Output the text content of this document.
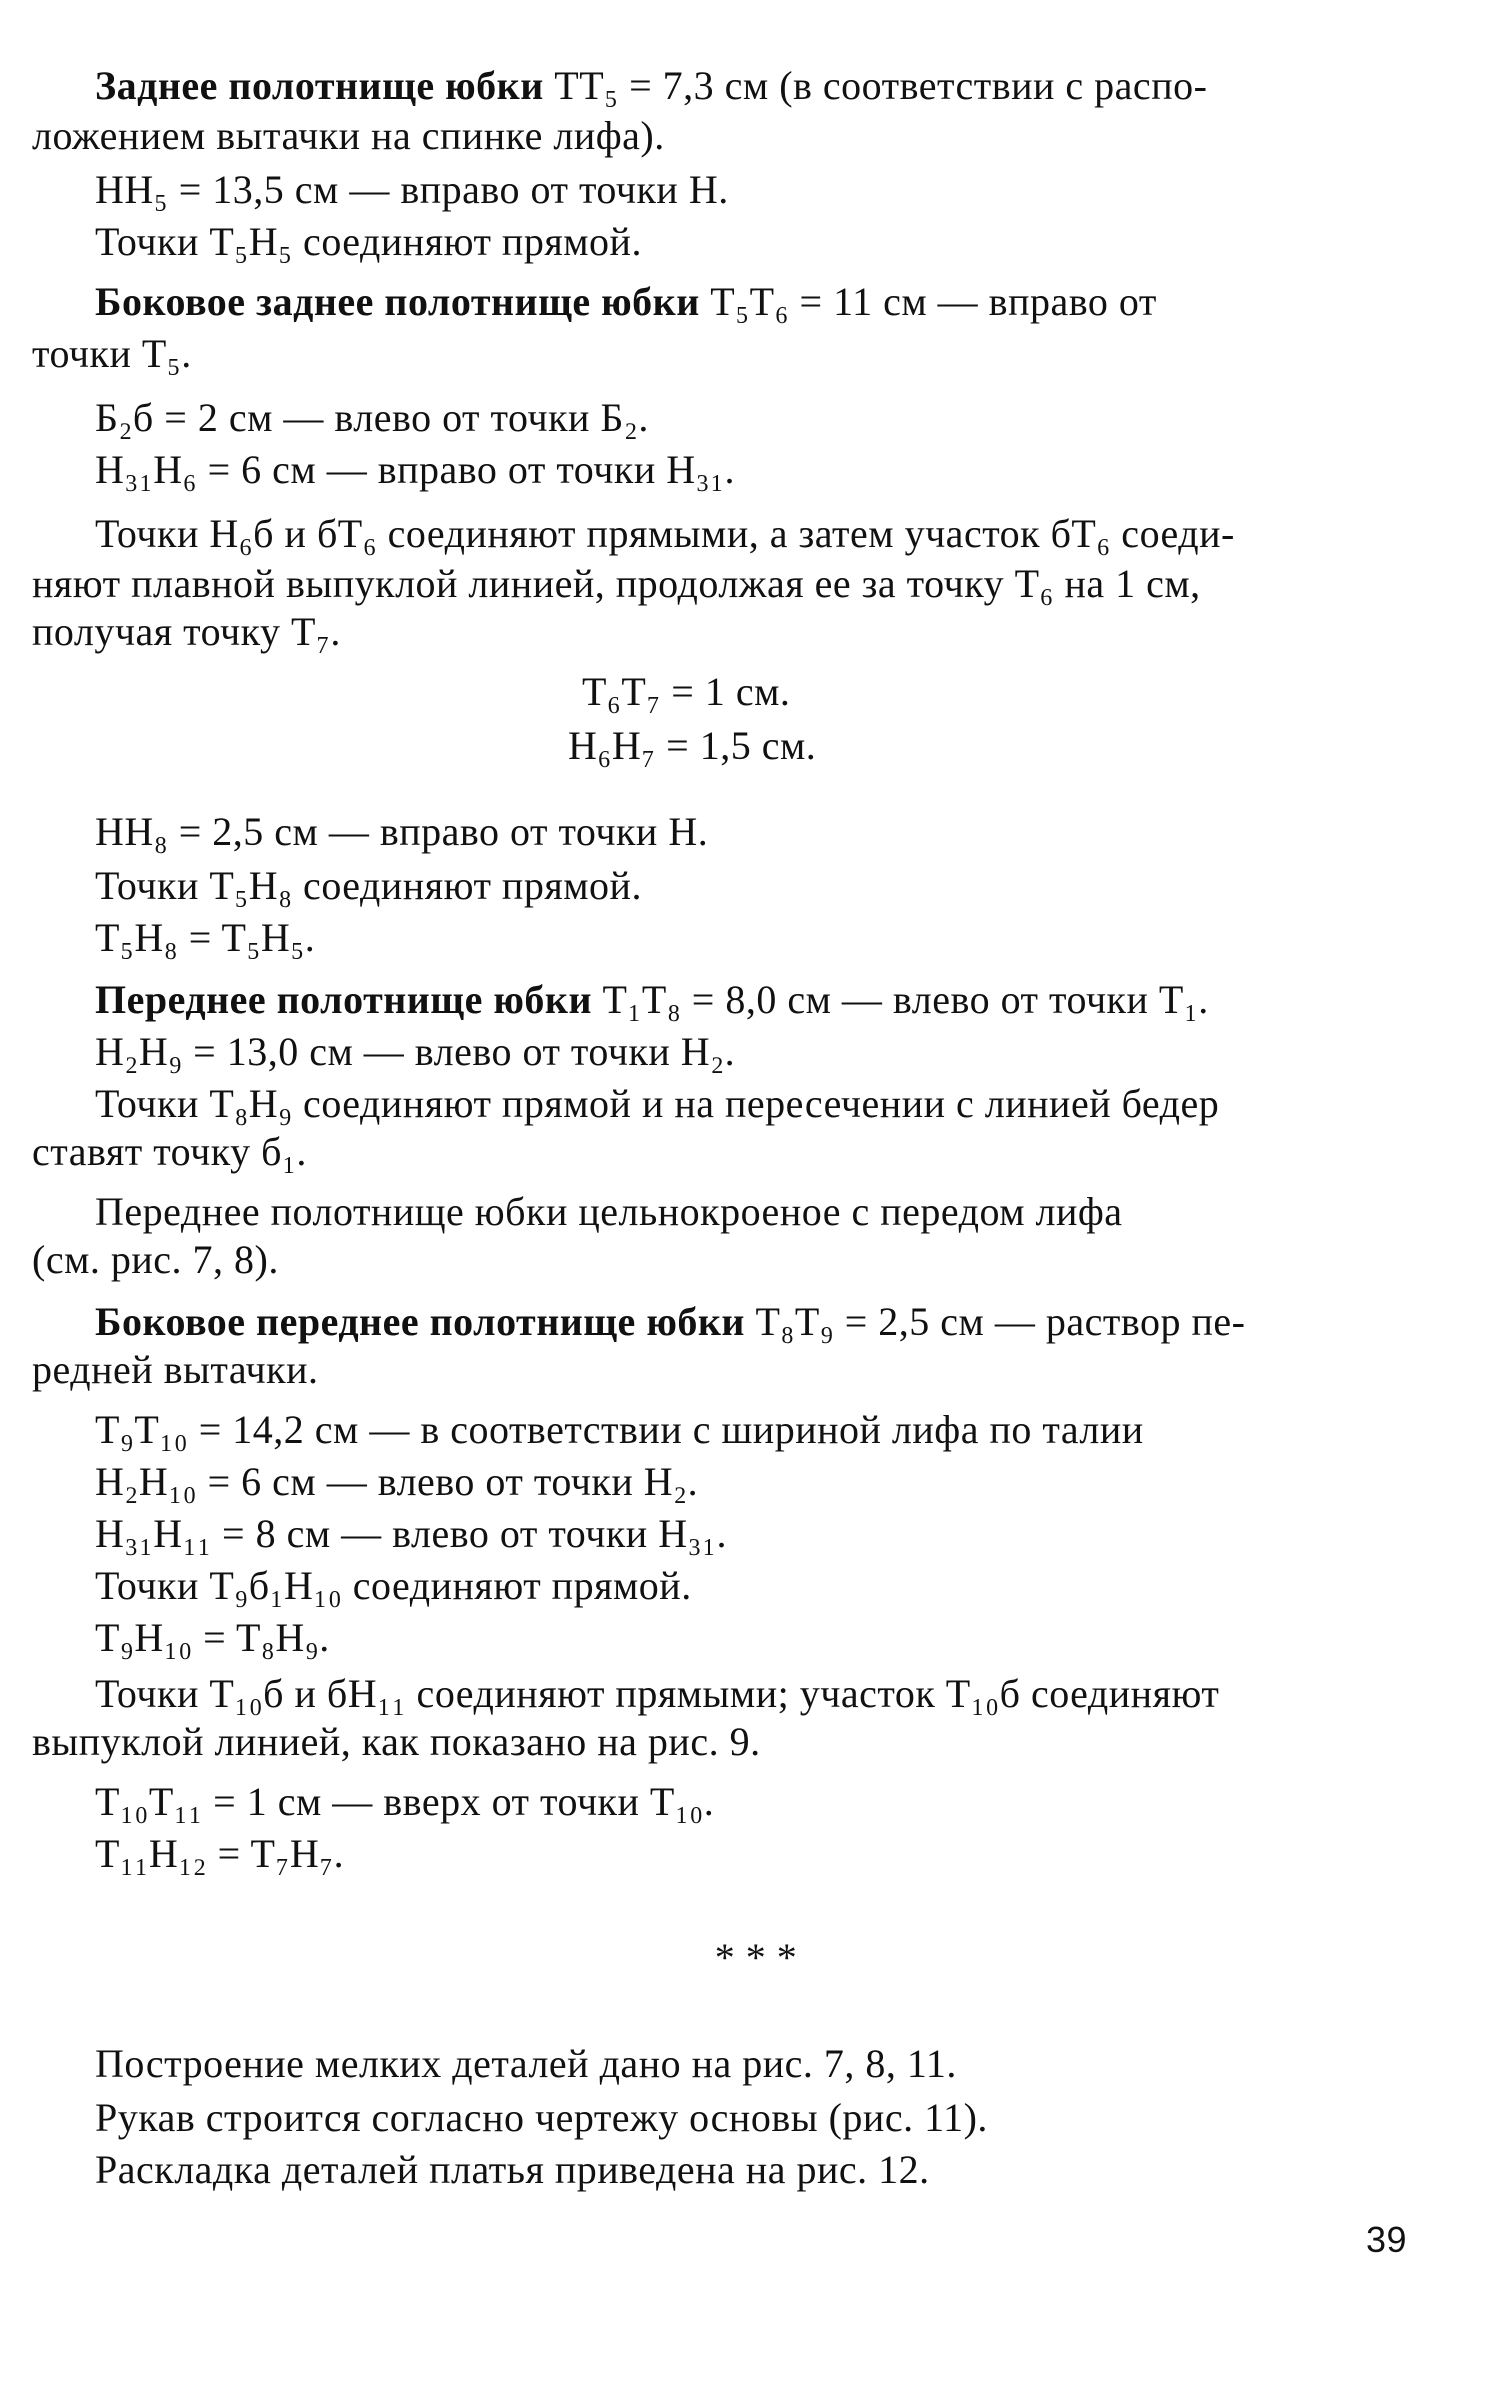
Заднее полотнище юбки TT₅ = 7,3 см (в соответствии с распо-
ложением вытачки на спинке лифа).
HH₅ = 13,5 см — вправо от точки H.
Точки T₅H₅ соединяют прямой.
Боковое заднее полотнище юбки T₅T₆ = 11 см — вправо от
точки T₅.
Б₂б = 2 см — влево от точки Б₂.
H₃₁H₆ = 6 см — вправо от точки H₃₁.
Точки H₆б и бT₆ соединяют прямыми, а затем участок бT₆ соеди-
няют плавной выпуклой линией, продолжая ее за точку T₆ на 1 см,
получая точку T₇.
T₆T₇ = 1 см.
H₆H₇ = 1,5 см.
HH₈ = 2,5 см — вправо от точки H.
Точки T₅H₈ соединяют прямой.
T₅H₈ = T₅H₅.
Переднее полотнище юбки T₁T₈ = 8,0 см — влево от точки T₁.
H₂H₉ = 13,0 см — влево от точки H₂.
Точки T₈H₉ соединяют прямой и на пересечении с линией бедер
ставят точку б₁.
Переднее полотнище юбки цельнокроеное с передом лифа
(см. рис. 7, 8).
Боковое переднее полотнище юбки T₈T₉ = 2,5 см — раствор пе-
редней вытачки.
T₉T₁₀ = 14,2 см — в соответствии с шириной лифа по талии
H₂H₁₀ = 6 см — влево от точки H₂.
H₃₁H₁₁ = 8 см — влево от точки H₃₁.
Точки T₉б₁H₁₀ соединяют прямой.
T₉H₁₀ = T₈H₉.
Точки T₁₀б и бH₁₁ соединяют прямыми; участок T₁₀б соединяют
выпуклой линией, как показано на рис. 9.
T₁₀T₁₁ = 1 см — вверх от точки T₁₀.
T₁₁H₁₂ = T₇H₇.
* * *
Построение мелких деталей дано на рис. 7, 8, 11.
Рукав строится согласно чертежу основы (рис. 11).
Раскладка деталей платья приведена на рис. 12.
39
